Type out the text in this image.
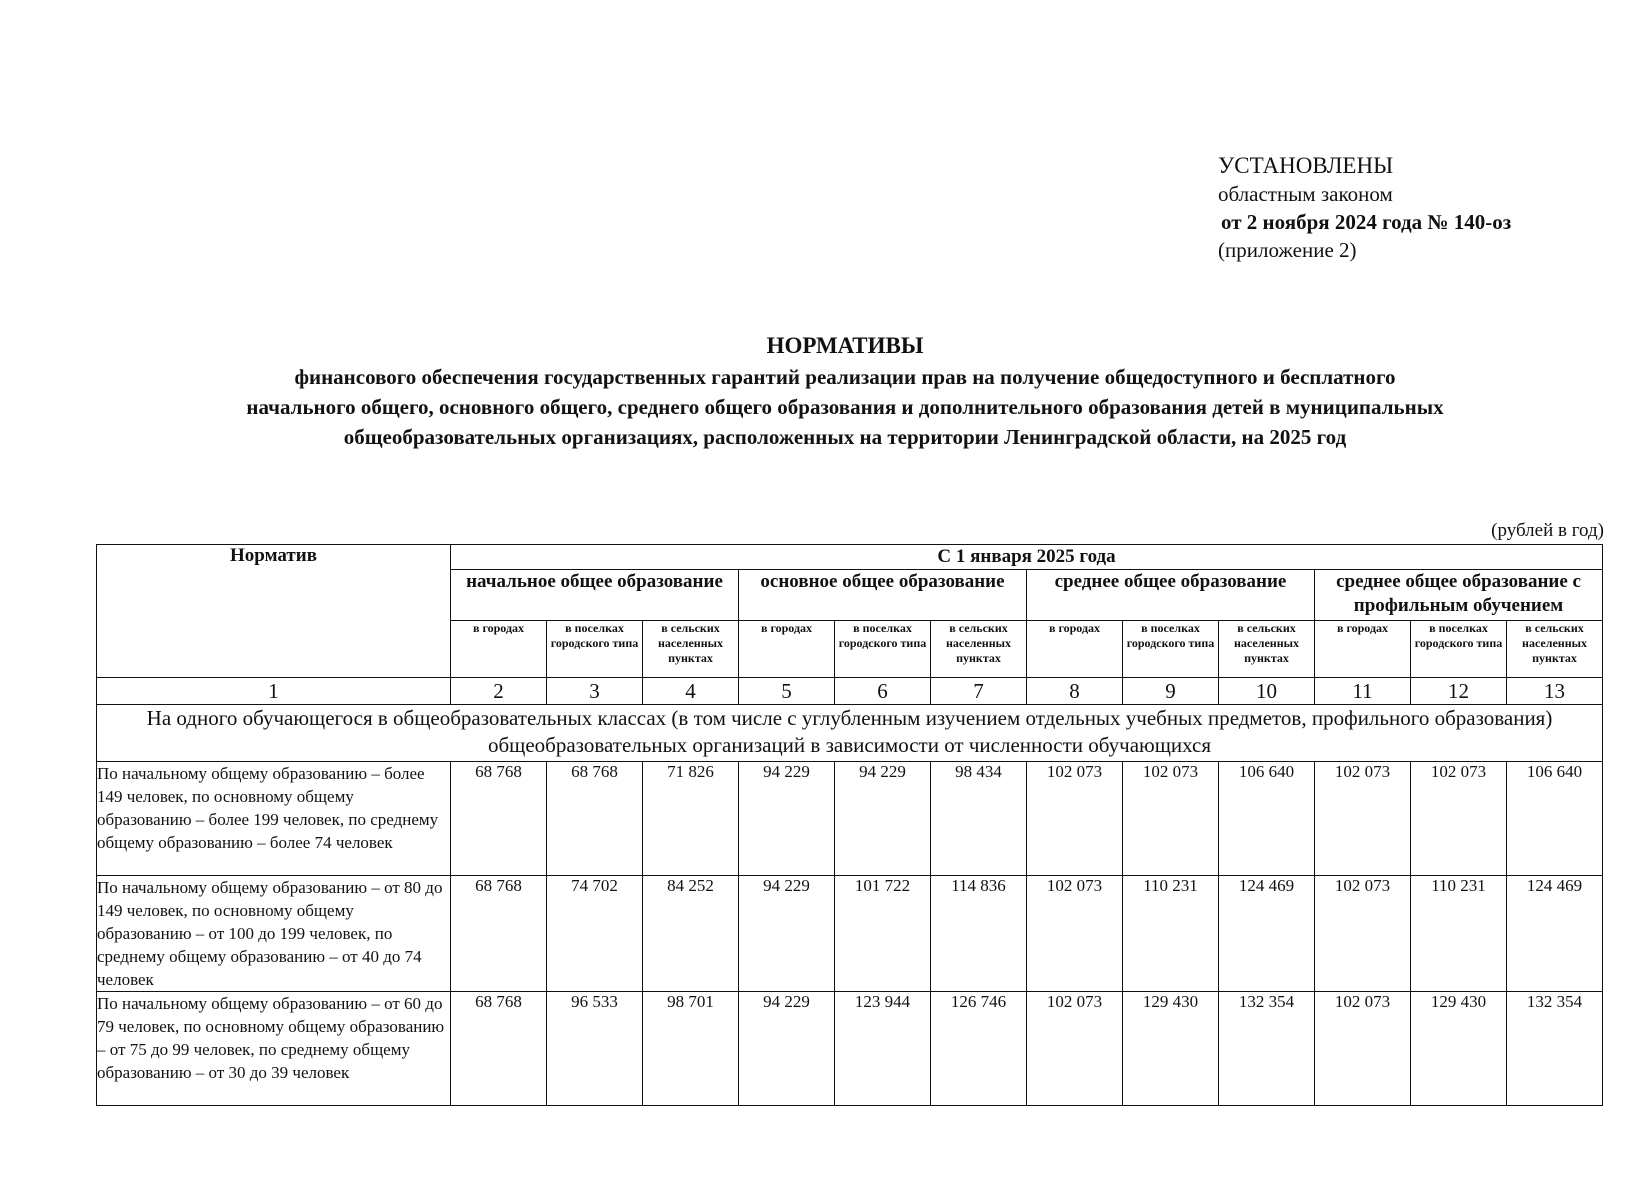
УСТАНОВЛЕНЫ
областным законом
от 2 ноября 2024 года № 140-оз
(приложение 2)
НОРМАТИВЫ
финансового обеспечения государственных гарантий реализации прав на получение общедоступного и бесплатного начального общего, основного общего, среднего общего образования и дополнительного образования детей в муниципальных общеобразовательных организациях, расположенных на территории Ленинградской области, на 2025 год
(рублей в год)
Норматив	С 1 января 2025 года											
	начальное общее образование			основное общее образование			среднее общее образование			среднее общее образование с профильным обучением		
	в городах	в поселках городского типа	в сельских населенных пунктах	в городах	в поселках городского типа	в сельских населенных пунктах	в городах	в поселках городского типа	в сельских населенных пунктах	в городах	в поселках городского типа	в сельских населенных пунктах
1	2	3	4	5	6	7	8	9	10	11	12	13
На одного обучающегося в общеобразовательных классах (в том числе с углубленным изучением отдельных учебных предметов, профильного образования) общеобразовательных организаций в зависимости от численности обучающихся												
По начальному общему образованию – более 149 человек, по основному общему образованию – более 199 человек, по среднему общему образованию – более 74 человек	68 768	68 768	71 826	94 229	94 229	98 434	102 073	102 073	106 640	102 073	102 073	106 640
По начальному общему образованию – от 80 до 149 человек, по основному общему образованию – от 100 до 199 человек, по среднему общему образованию – от 40 до 74 человек	68 768	74 702	84 252	94 229	101 722	114 836	102 073	110 231	124 469	102 073	110 231	124 469
По начальному общему образованию – от 60 до 79 человек, по основному общему образованию – от 75 до 99 человек, по среднему общему образованию – от 30 до 39 человек	68 768	96 533	98 701	94 229	123 944	126 746	102 073	129 430	132 354	102 073	129 430	132 354
